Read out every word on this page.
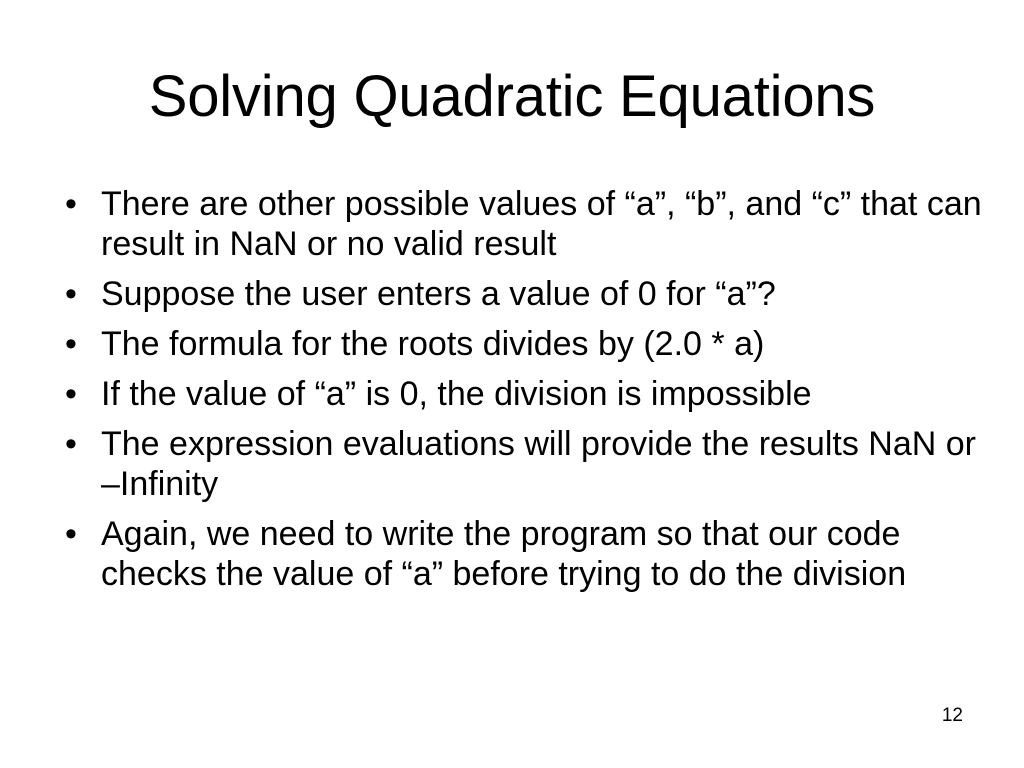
Solving Quadratic Equations
• There are other possible values of “a”, “b”, and “c” that can result in NaN or no valid result
• Suppose the user enters a value of 0 for “a”?
• The formula for the roots divides by (2.0 * a)
• If the value of “a” is 0, the division is impossible
• The expression evaluations will provide the results NaN or –Infinity
• Again, we need to write the program so that our code checks the value of “a” before trying to do the division
12
